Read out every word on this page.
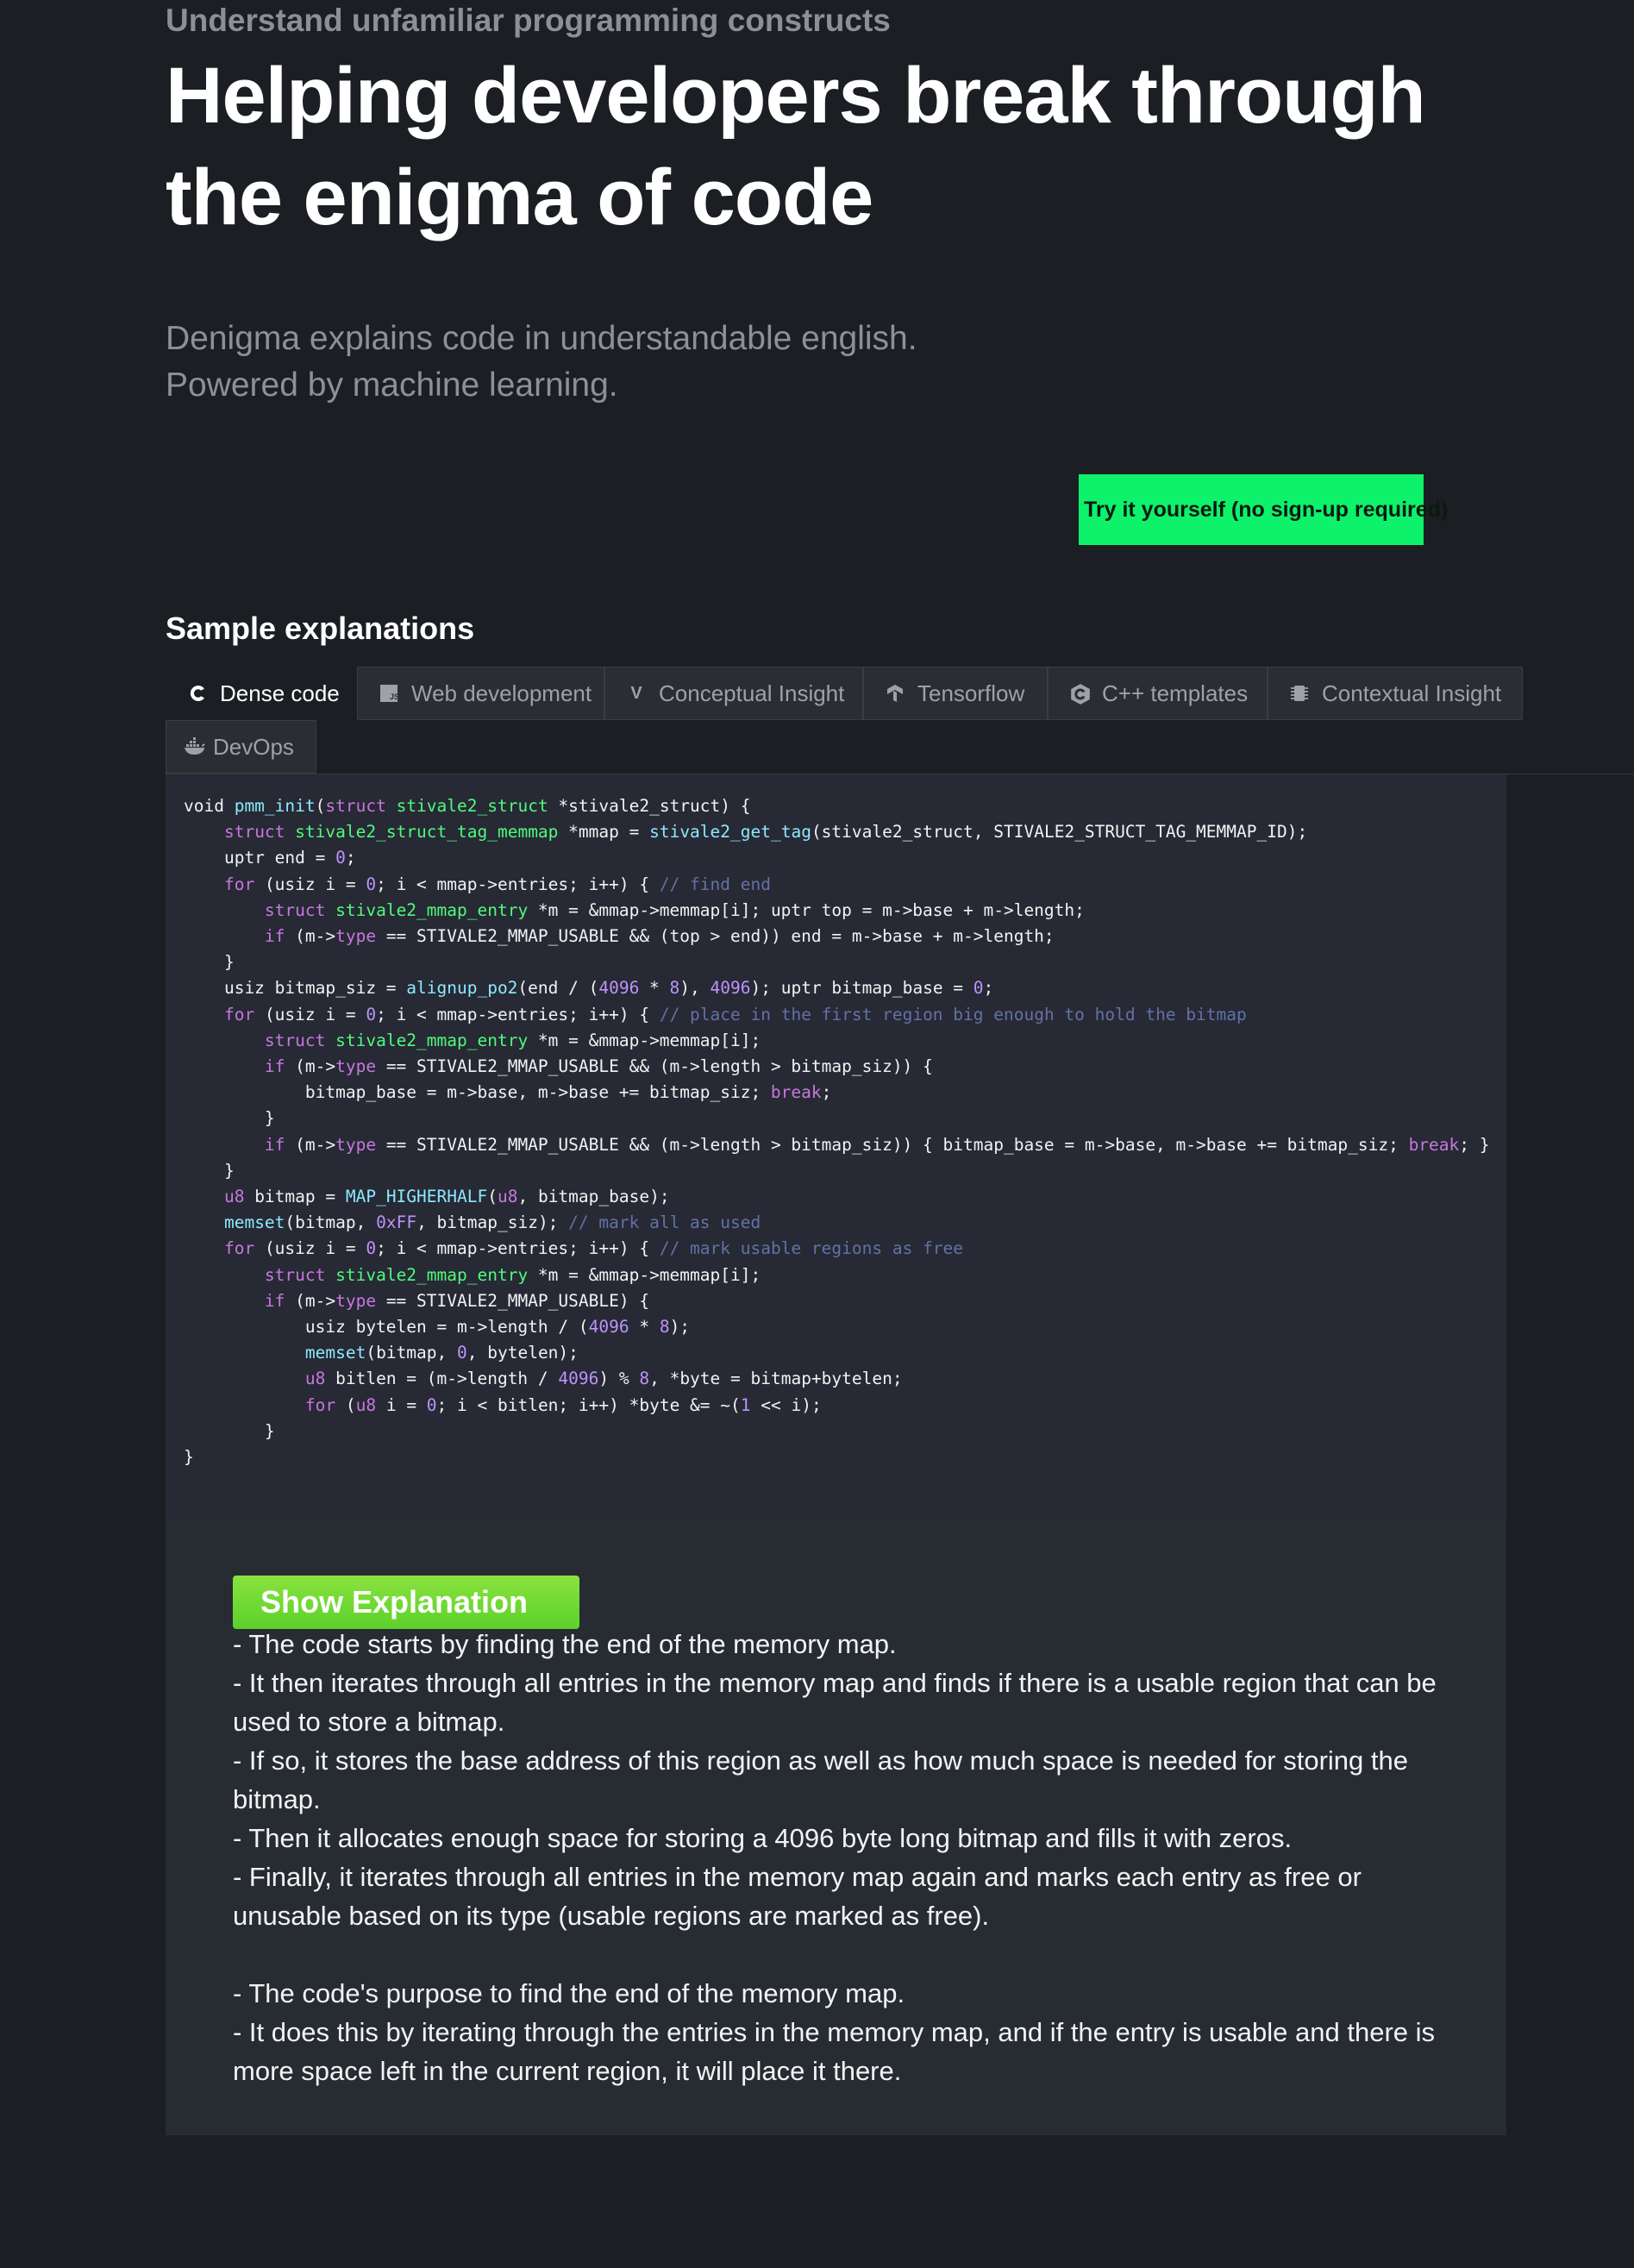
Understand unfamiliar programming constructs
Helping developers break through
the enigma of code
Denigma explains code in understandable english.
Powered by machine learning.
Try it yourself (no sign-up required)
Sample explanations
Dense code	JS Web development V Conceptual Insight	Tensorflow	C++ templates	Contextual Insight
DevOps
void pmm_init(struct stivale2_struct *stivale2_struct) {
struct stivale2_struct_tag_memmap *mmap = stivale2_get_tag(stivale2_struct, STIVALE2_STRUCT_TAG_MEMMAP_ID);
uptr end = 0;
for (usiz i = 0; i < mmap->entries; i++) { // find end
struct stivale2_mmap_entry *m = &mmap->memmap[i]; uptr top = m->base + m->length;
if (m->type == STIVALE2_MMAP_USABLE && (top > end)) end = m->base + m->length;
}
usiz bitmap_siz = alignup_po2(end / (4096 * 8), 4096); uptr bitmap_base = 0;
for (usiz i = 0; i < mmap->entries; i++) { // place in the first region big enough to hold the bitmap
struct stivale2_mmap_entry *m = &mmap->memmap[i];
if (m->type == STIVALE2_MMAP_USABLE && (m->length > bitmap_siz)) {
bitmap_base = m->base, m->base += bitmap_siz; break;
}
if (m->type == STIVALE2_MMAP_USABLE && (m->length > bitmap_siz)) { bitmap_base = m->base, m->base += bitmap_siz; break; }
}
u8 bitmap = MAP_HIGHERHALF(u8, bitmap_base);
memset(bitmap, 0xFF, bitmap_siz); // mark all as used
for (usiz i = 0; i < mmap->entries; i++) { // mark usable regions as free
struct stivale2_mmap_entry *m = &mmap->memmap[i];
if (m->type == STIVALE2_MMAP_USABLE) {
usiz bytelen = m->length / (4096 * 8);
memset(bitmap, 0, bytelen);
u8 bitlen = (m->length / 4096) % 8, *byte = bitmap+bytelen;
for (u8 i = 0; i < bitlen; i++) *byte &= ~(1 << i);
}
}
Show Explanation

- The code starts by finding the end of the memory map.

- It then iterates through all entries in the memory map and finds if there is a usable region that can be used to store a bitmap.

- If so, it stores the base address of this region as well as how much space is needed for storing the bitmap.

- Then it allocates enough space for storing a 4096 byte long bitmap and fills it with zeros.

- Finally, it iterates through all entries in the memory map again and marks each entry as free or unusable based on its type (usable regions are marked as free).

- The code's purpose to find the end of the memory map.

- It does this by iterating through the entries in the memory map, and if the entry is usable and there is more space left in the current region, it will place it there.
